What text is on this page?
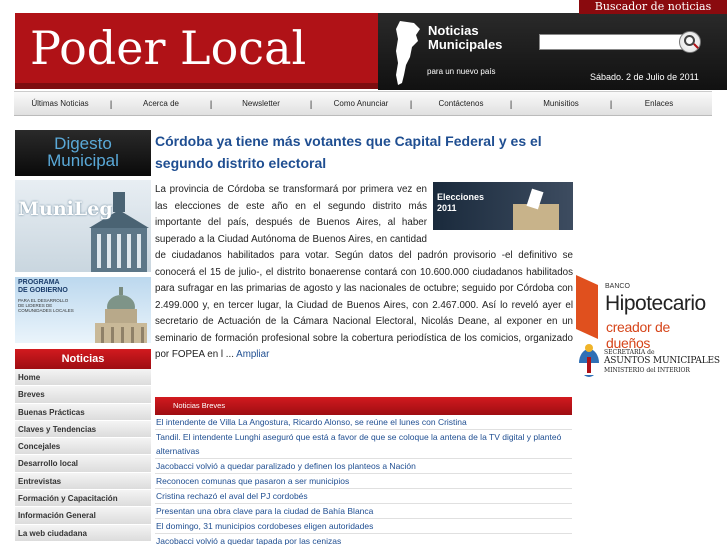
Poder Local	Noticias
Municipales
para un nuevo país
Sábado. 2 de Julio de 2011
Buscador de noticias
Últimas Noticias	|	Acerca de	|	Newsletter	|	Como Anunciar	|	Contáctenos	|	Munisitios	|	Enlaces
Digesto
Municipal
MuniLeg
PROGRAMA
DE GOBIERNO
PARA EL DESARROLLO
DE LIDERES DE
COMUNIDADES LOCALES
Noticias
Home
Breves
Buenas Prácticas
Claves y Tendencias
Concejales
Desarrollo local
Entrevistas
Formación y Capacitación
Información General
La web ciudadana
Córdoba ya tiene más votantes que Capital Federal y es el segundo distrito electoral
Elecciones
2011
La provincia de Córdoba se transformará por primera vez en las elecciones de este año en el segundo distrito más importante del país, después de Buenos Aires, al haber superado a la Ciudad Autónoma de Buenos Aires, en cantidad de ciudadanos habilitados para votar. Según datos del padrón provisorio -el definitivo se conocerá el 15 de julio-, el distrito bonaerense contará con 10.600.000 ciudadanos habilitados para sufragar en las primarias de agosto y las nacionales de octubre; seguido por Córdoba con 2.499.000 y, en tercer lugar, la Ciudad de Buenos Aires, con 2.467.000. Así lo reveló ayer el secretario de Actuación de la Cámara Nacional Electoral, Nicolás Deane, al exponer en un seminario de formación profesional sobre la cobertura periodística de los comicios, organizado por FOPEA en l ... Ampliar
Noticias Breves
El intendente de Villa La Angostura, Ricardo Alonso, se reúne el lunes con Cristina
Tandil. El intendente Lunghi aseguró que está a favor de que se coloque la antena de la TV digital y planteó alternativas
Jacobacci volvió a quedar paralizado y definen los planteos a Nación
Reconocen comunas que pasaron a ser municipios
Cristina rechazó el aval del PJ cordobés
Presentan una obra clave para la ciudad de Bahía Blanca
El domingo, 31 municipios cordobeses eligen autoridades
Jacobacci volvió a quedar tapada por las cenizas
BANCO
Hipotecario
creador de dueños
SECRETARÍA de
ASUNTOS MUNICIPALES
MINISTERIO del INTERIOR
